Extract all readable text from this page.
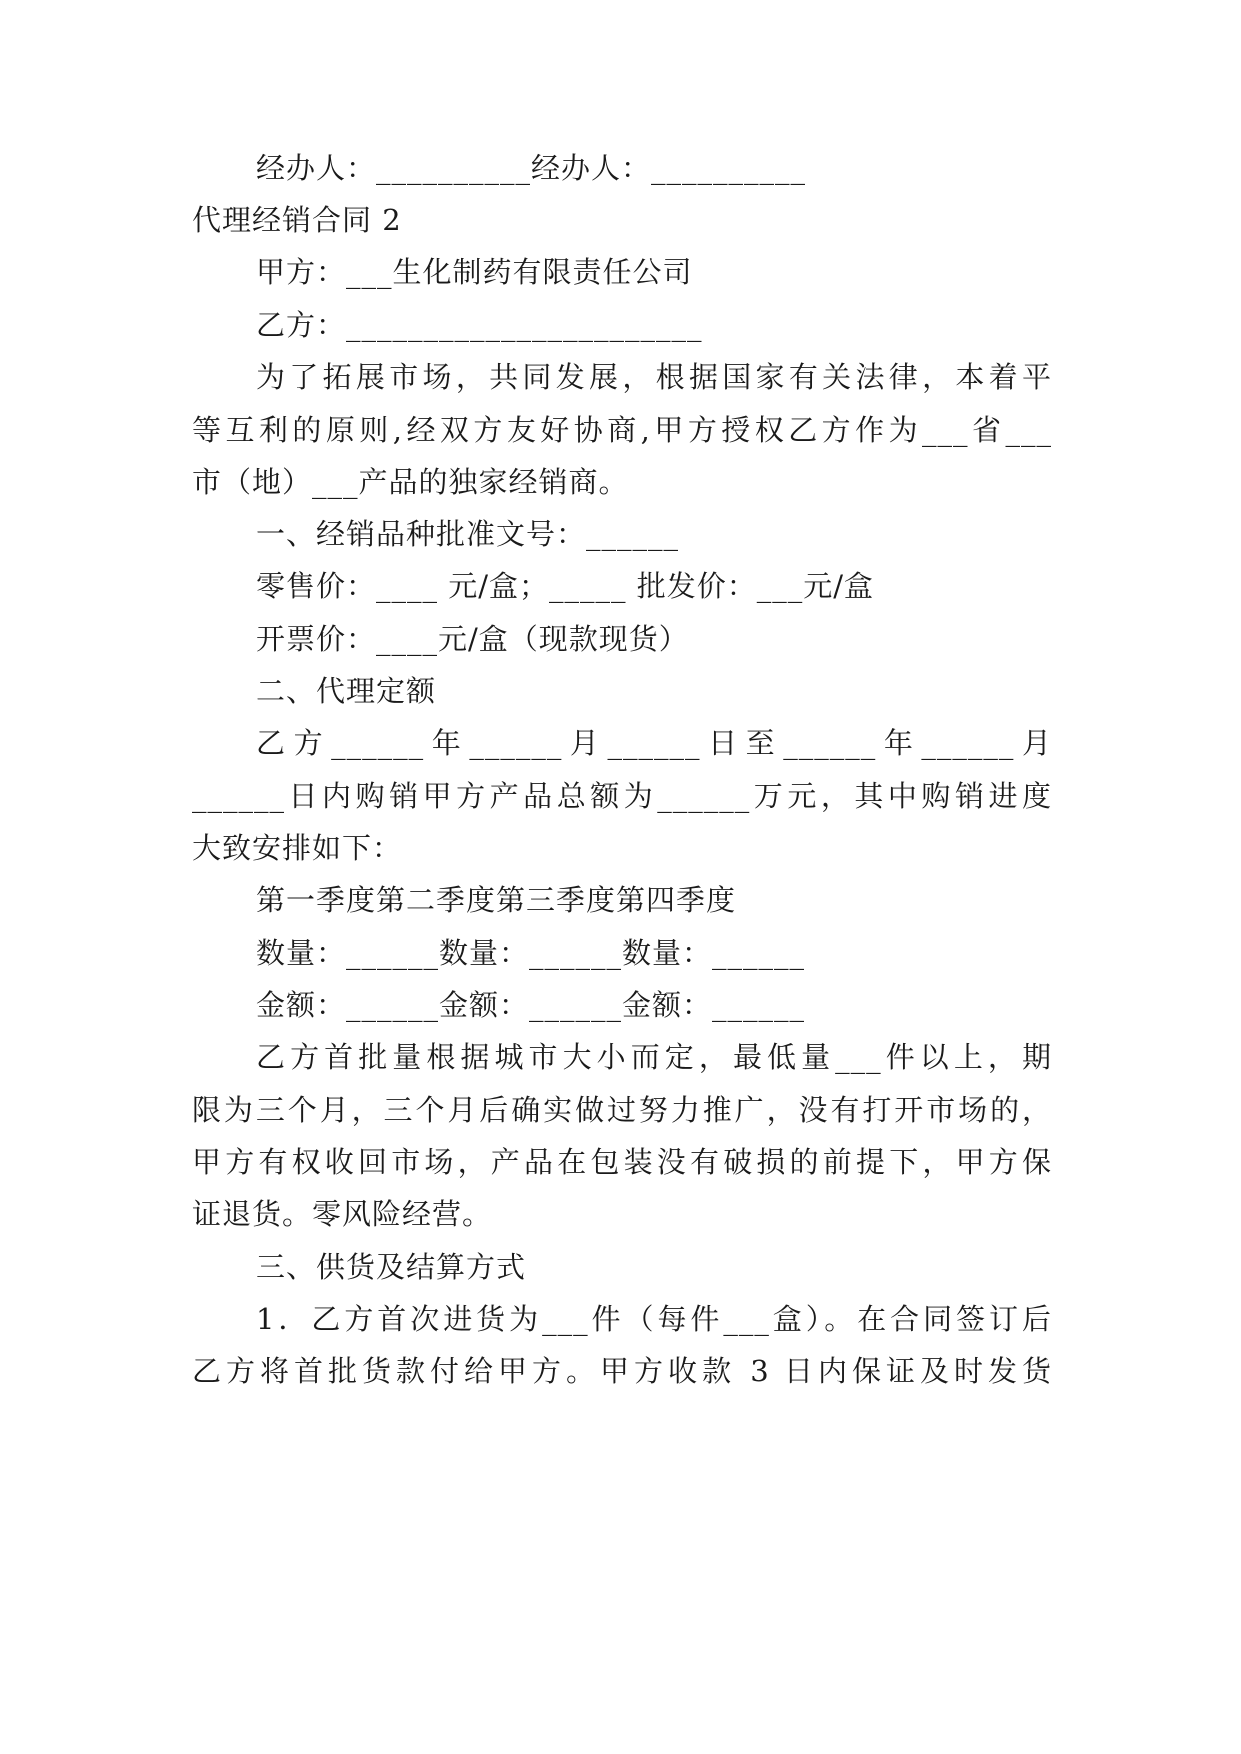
经办人：__________经办人：__________
代理经销合同 2
甲方：___生化制药有限责任公司
乙方：_______________________
为了拓展市场，共同发展，根据国家有关法律，本着平
等互利的原则,经双方友好协商,甲方授权乙方作为___省___
市（地）___产品的独家经销商。
一、经销品种批准文号：______
零售价：____ 元/盒；_____ 批发价：___元/盒
开票价：____元/盒（现款现货）
二、代理定额
乙方______年______月______日至______年______月
______日内购销甲方产品总额为______万元，其中购销进度
大致安排如下：
第一季度第二季度第三季度第四季度
数量：______数量：______数量：______
金额：______金额：______金额：______
乙方首批量根据城市大小而定，最低量___件以上，期
限为三个月，三个月后确实做过努力推广，没有打开市场的，
甲方有权收回市场，产品在包装没有破损的前提下，甲方保
证退货。零风险经营。
三、供货及结算方式
1．乙方首次进货为___件（每件___盒）。在合同签订后
乙方将首批货款付给甲方。甲方收款 3 日内保证及时发货
